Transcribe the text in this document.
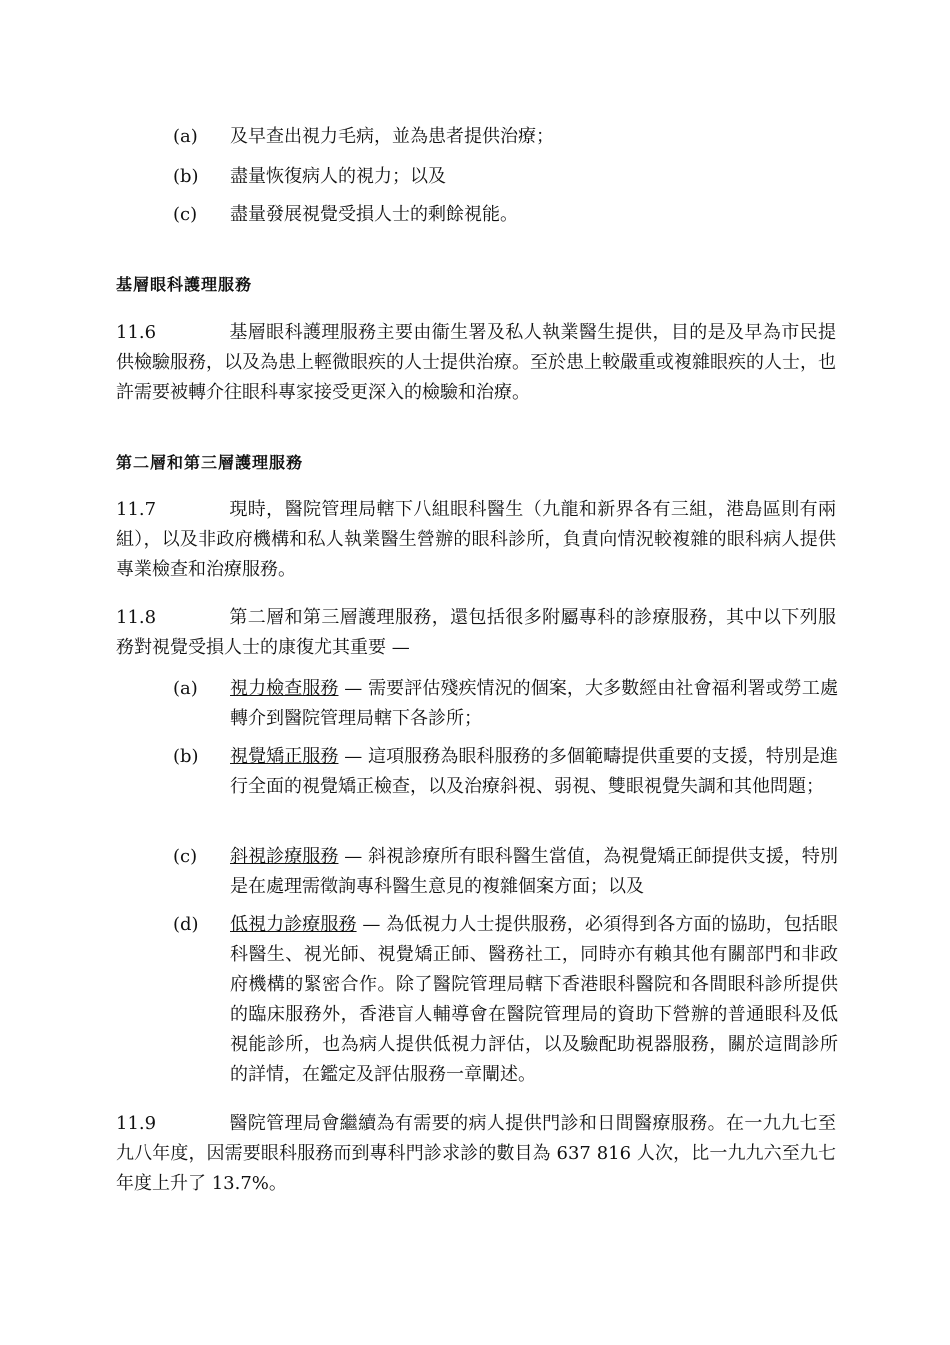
(a)	及早查出視力毛病，並為患者提供治療；
(b)	盡量恢復病人的視力；以及
(c)	盡量發展視覺受損人士的剩餘視能。
基層眼科護理服務
11.6	基層眼科護理服務主要由衞生署及私人執業醫生提供，目的是及早為市民提供檢驗服務，以及為患上輕微眼疾的人士提供治療。至於患上較嚴重或複雜眼疾的人士，也許需要被轉介往眼科專家接受更深入的檢驗和治療。
第二層和第三層護理服務
11.7	現時，醫院管理局轄下八組眼科醫生（九龍和新界各有三組，港島區則有兩組），以及非政府機構和私人執業醫生營辦的眼科診所，負責向情況較複雜的眼科病人提供專業檢查和治療服務。
11.8	第二層和第三層護理服務，還包括很多附屬專科的診療服務，其中以下列服務對視覺受損人士的康復尤其重要 —
(a)	視力檢查服務 — 需要評估殘疾情況的個案，大多數經由社會福利署或勞工處轉介到醫院管理局轄下各診所；
(b)	視覺矯正服務 — 這項服務為眼科服務的多個範疇提供重要的支援，特別是進行全面的視覺矯正檢查，以及治療斜視、弱視、雙眼視覺失調和其他問題；
(c)	斜視診療服務 — 斜視診療所有眼科醫生當值，為視覺矯正師提供支援，特別是在處理需徵詢專科醫生意見的複雜個案方面；以及
(d)	低視力診療服務 — 為低視力人士提供服務，必須得到各方面的協助，包括眼科醫生、視光師、視覺矯正師、醫務社工，同時亦有賴其他有關部門和非政府機構的緊密合作。除了醫院管理局轄下香港眼科醫院和各間眼科診所提供的臨床服務外，香港盲人輔導會在醫院管理局的資助下營辦的普通眼科及低視能診所，也為病人提供低視力評估，以及驗配助視器服務，關於這間診所的詳情，在鑑定及評估服務一章闡述。
11.9	醫院管理局會繼續為有需要的病人提供門診和日間醫療服務。在一九九七至九八年度，因需要眼科服務而到專科門診求診的數目為 637 816 人次，比一九九六至九七年度上升了 13.7%。
